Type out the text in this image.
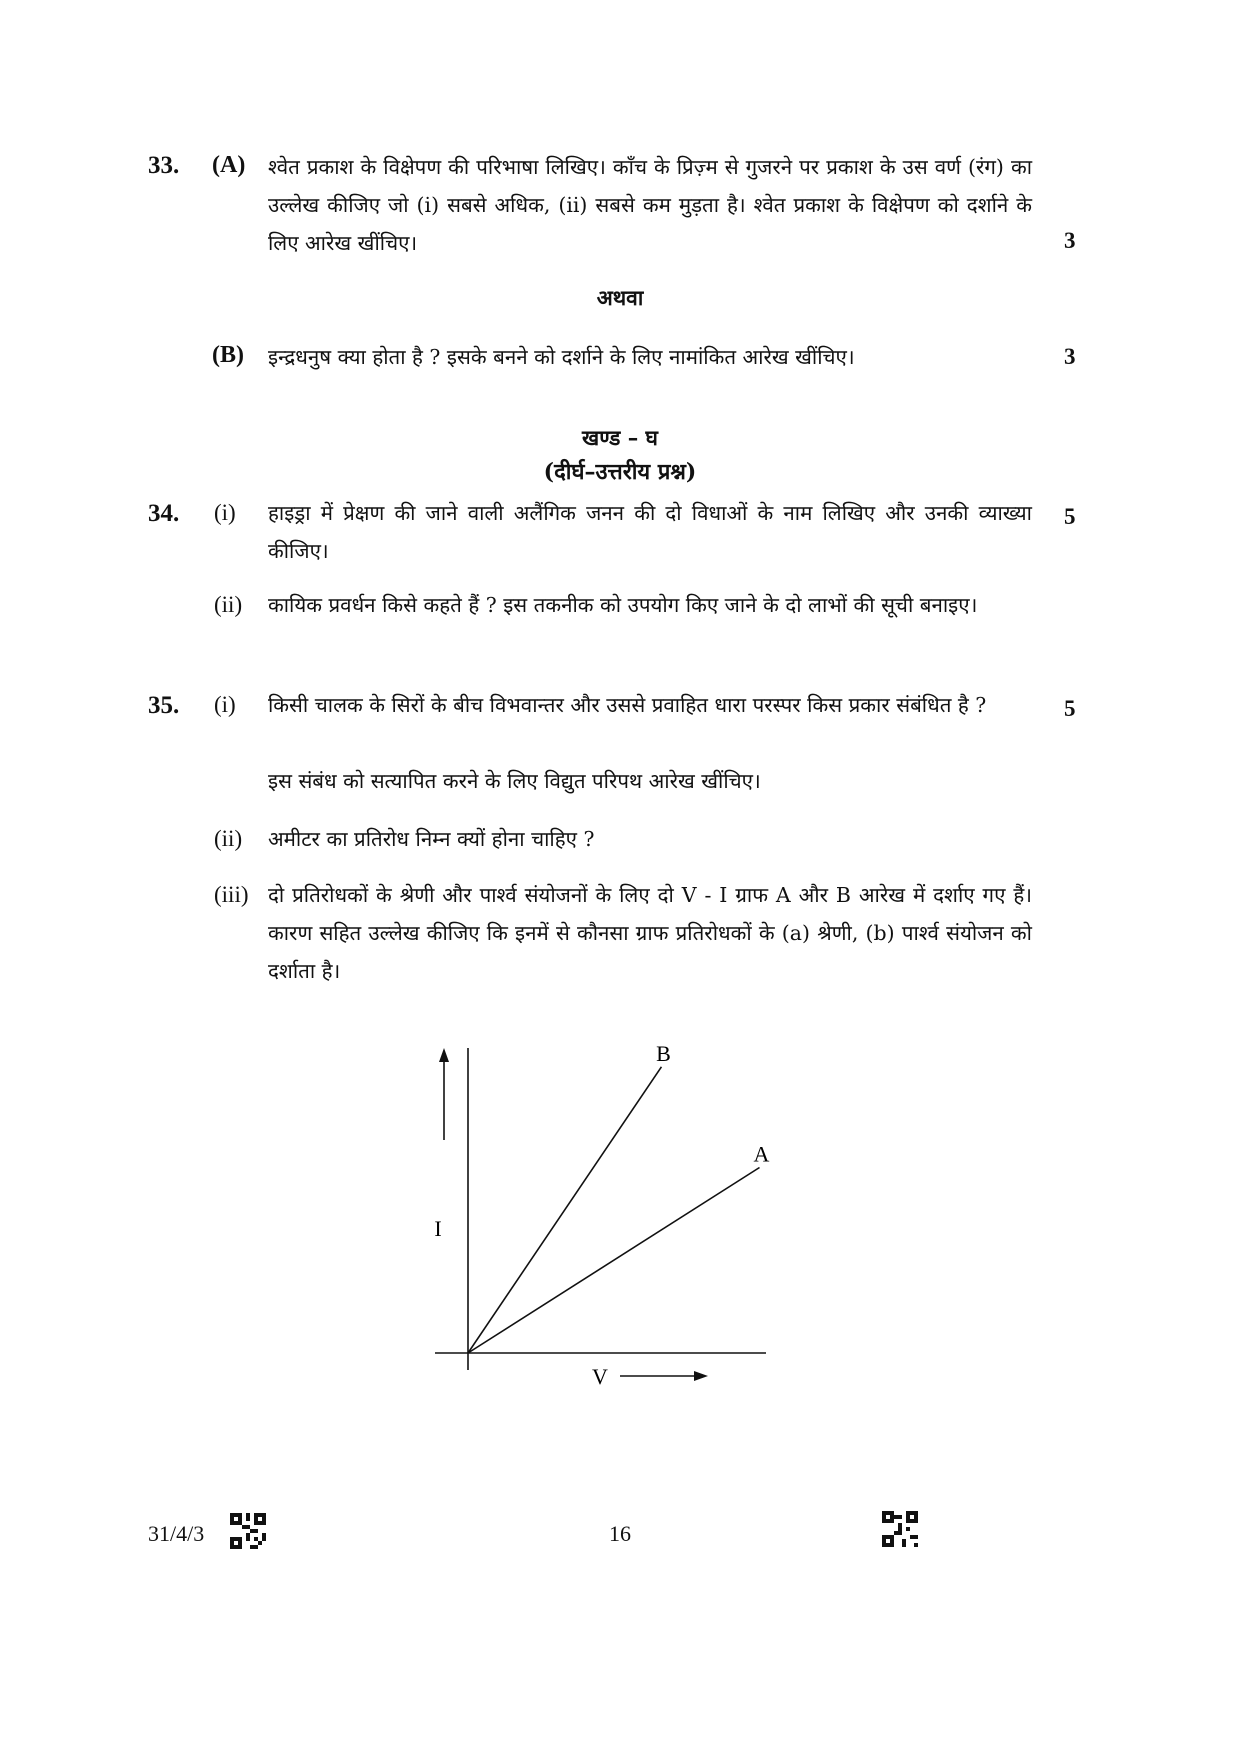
33. (A) श्वेत प्रकाश के विक्षेपण की परिभाषा लिखिए। काँच के प्रिज़्म से गुजरने पर प्रकाश के उस वर्ण (रंग) का उल्लेख कीजिए जो (i) सबसे अधिक, (ii) सबसे कम मुड़ता है। श्वेत प्रकाश के विक्षेपण को दर्शाने के लिए आरेख खींचिए।	3
अथवा
(B) इन्द्रधनुष क्या होता है ? इसके बनने को दर्शाने के लिए नामांकित आरेख खींचिए।	3
खण्ड – घ
(दीर्घ–उत्तरीय प्रश्न)
34. (i) हाइड्रा में प्रेक्षण की जाने वाली अलैंगिक जनन की दो विधाओं के नाम लिखिए और उनकी व्याख्या कीजिए।
5
(ii) कायिक प्रवर्धन किसे कहते हैं ? इस तकनीक को उपयोग किए जाने के दो लाभों की सूची बनाइए।
35. (i) किसी चालक के सिरों के बीच विभवान्तर और उससे प्रवाहित धारा परस्पर किस प्रकार संबंधित है ?	5
इस संबंध को सत्यापित करने के लिए विद्युत परिपथ आरेख खींचिए।
(ii) अमीटर का प्रतिरोध निम्न क्यों होना चाहिए ?
(iii) दो प्रतिरोधकों के श्रेणी और पार्श्व संयोजनों के लिए दो V - I ग्राफ A और B आरेख में दर्शाए गए हैं। कारण सहित उल्लेख कीजिए कि इनमें से कौनसा ग्राफ प्रतिरोधकों के (a) श्रेणी, (b) पार्श्व संयोजन को दर्शाता है।
I
V
B
A
31/4/3	16
